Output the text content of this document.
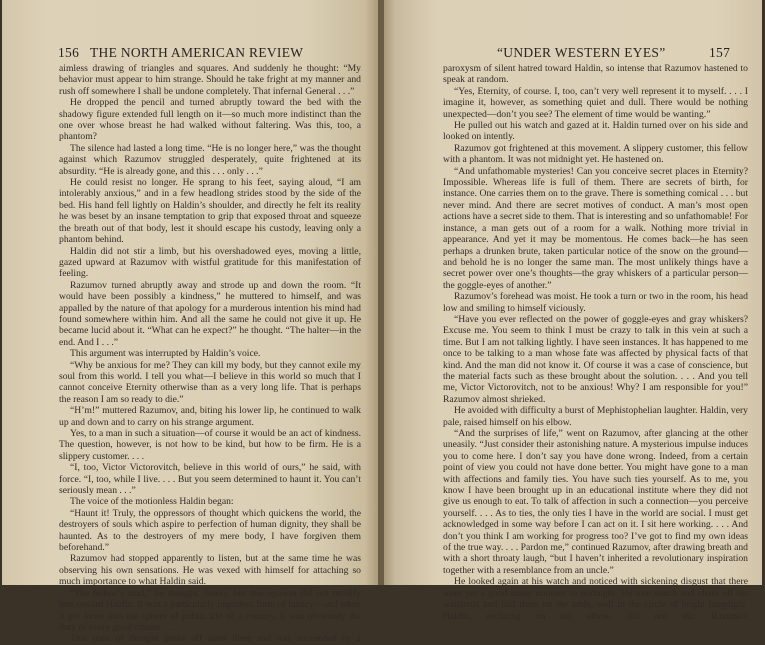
156 THE NORTH AMERICAN REVIEW

aimless drawing of triangles and squares. And suddenly he thought: “My behavior must appear to him strange. Should he take fright at my manner and rush off somewhere I shall be undone completely. That infernal General . . .”

He dropped the pencil and turned abruptly toward the bed with the shadowy figure extended full length on it—so much more indistinct than the one over whose breast he had walked without faltering. Was this, too, a phantom?

The silence had lasted a long time. “He is no longer here,” was the thought against which Razumov struggled desperately, quite frightened at its absurdity. “He is already gone, and this . . . only . . .”

He could resist no longer. He sprang to his feet, saying aloud, “I am intolerably anxious,” and in a few headlong strides stood by the side of the bed. His hand fell lightly on Haldin’s shoulder, and directly he felt its reality he was beset by an insane temptation to grip that exposed throat and squeeze the breath out of that body, lest it should escape his custody, leaving only a phantom behind.

Haldin did not stir a limb, but his overshadowed eyes, moving a little, gazed upward at Razumov with wistful gratitude for this manifestation of feeling.

Razumov turned abruptly away and strode up and down the room. “It would have been possibly a kindness,” he muttered to himself, and was appalled by the nature of that apology for a murderous intention his mind had found somewhere within him. And all the same he could not give it up. He became lucid about it. “What can he expect?” he thought. “The halter—in the end. And I . . .”

This argument was interrupted by Haldin’s voice.

“Why be anxious for me? They can kill my body, but they cannot exile my soul from this world. I tell you what—I believe in this world so much that I cannot conceive Eternity otherwise than as a very long life. That is perhaps the reason I am so ready to die.”

“H’m!” muttered Razumov, and, biting his lower lip, he continued to walk up and down and to carry on his strange argument.

Yes, to a man in such a situation—of course it would be an act of kindness. The question, however, is not how to be kind, but how to be firm. He is a slippery customer. . . .

“I, too, Victor Victorovitch, believe in this world of ours,” he said, with force. “I, too, while I live. . . . But you seem determined to haunt it. You can’t seriously mean . . .”

The voice of the motionless Haldin began:

“Haunt it! Truly, the oppressors of thought which quickens the world, the destroyers of souls which aspire to perfection of human dignity, they shall be haunted. As to the destroyers of my mere body, I have forgiven them beforehand.”

Razumov had stopped apparently to listen, but at the same time he was observing his own sensations. He was vexed with himself for attaching so much importance to what Haldin said.

“The fellow’s mad,” he thought, firmly, but this opinion did not mollify him toward Haldin. It was a particularly impudent form of lunacy—and when it got loose into the sphere of public life of a country, it was obviously the duty of every good citizen . . .

This train of thought broke off short there and was succeeded by a

“UNDER WESTERN EYES”	157

paroxysm of silent hatred toward Haldin, so intense that Razumov hastened to speak at random.

“Yes, Eternity, of course. I, too, can’t very well represent it to myself. . . . I imagine it, however, as something quiet and dull. There would be nothing unexpected—don’t you see? The element of time would be wanting.”

He pulled out his watch and gazed at it. Haldin turned over on his side and looked on intently.

Razumov got frightened at this movement. A slippery customer, this fellow with a phantom. It was not midnight yet. He hastened on.

“And unfathomable mysteries! Can you conceive secret places in Eternity? Impossible. Whereas life is full of them. There are secrets of birth, for instance. One carries them on to the grave. There is something comical . . . but never mind. And there are secret motives of conduct. A man’s most open actions have a secret side to them. That is interesting and so unfathomable! For instance, a man gets out of a room for a walk. Nothing more trivial in appearance. And yet it may be momentous. He comes back—he has seen perhaps a drunken brute, taken particular notice of the snow on the ground—and behold he is no longer the same man. The most unlikely things have a secret power over one’s thoughts—the gray whiskers of a particular person—the goggle-eyes of another.”

Razumov’s forehead was moist. He took a turn or two in the room, his head low and smiling to himself viciously.

“Have you ever reflected on the power of goggle-eyes and gray whiskers? Excuse me. You seem to think I must be crazy to talk in this vein at such a time. But I am not talking lightly. I have seen instances. It has happened to me once to be talking to a man whose fate was affected by physical facts of that kind. And the man did not know it. Of course it was a case of conscience, but the material facts such as these brought about the solution. . . . And you tell me, Victor Victorovitch, not to be anxious! Why? I am responsible for you!” Razumov almost shrieked.

He avoided with difficulty a burst of Mephistophelian laughter. Haldin, very pale, raised himself on his elbow.

“And the surprises of life,” went on Razumov, after glancing at the other uneasily. “Just consider their astonishing nature. A mysterious impulse induces you to come here. I don’t say you have done wrong. Indeed, from a certain point of view you could not have done better. You might have gone to a man with affections and family ties. You have such ties yourself. As to me, you know I have been brought up in an educational institute where they did not give us enough to eat. To talk of affection in such a connection—you perceive yourself. . . . As to ties, the only ties I have in the world are social. I must get acknowledged in some way before I can act on it. I sit here working. . . . And don’t you think I am working for progress too? I’ve got to find my own ideas of the true way. . . . Pardon me,” continued Razumov, after drawing breath and with a short throaty laugh, “but I haven’t inherited a revolutionary inspiration together with a resemblance from an uncle.”

He looked again at his watch and noticed with sickening disgust that there were yet a good many minutes to midnight. He tore watch and chain off his waistcoat and laid them on the table, well in the circle of bright lamplight. Haldin, reclining on his elbow, did not stir. Razumov
